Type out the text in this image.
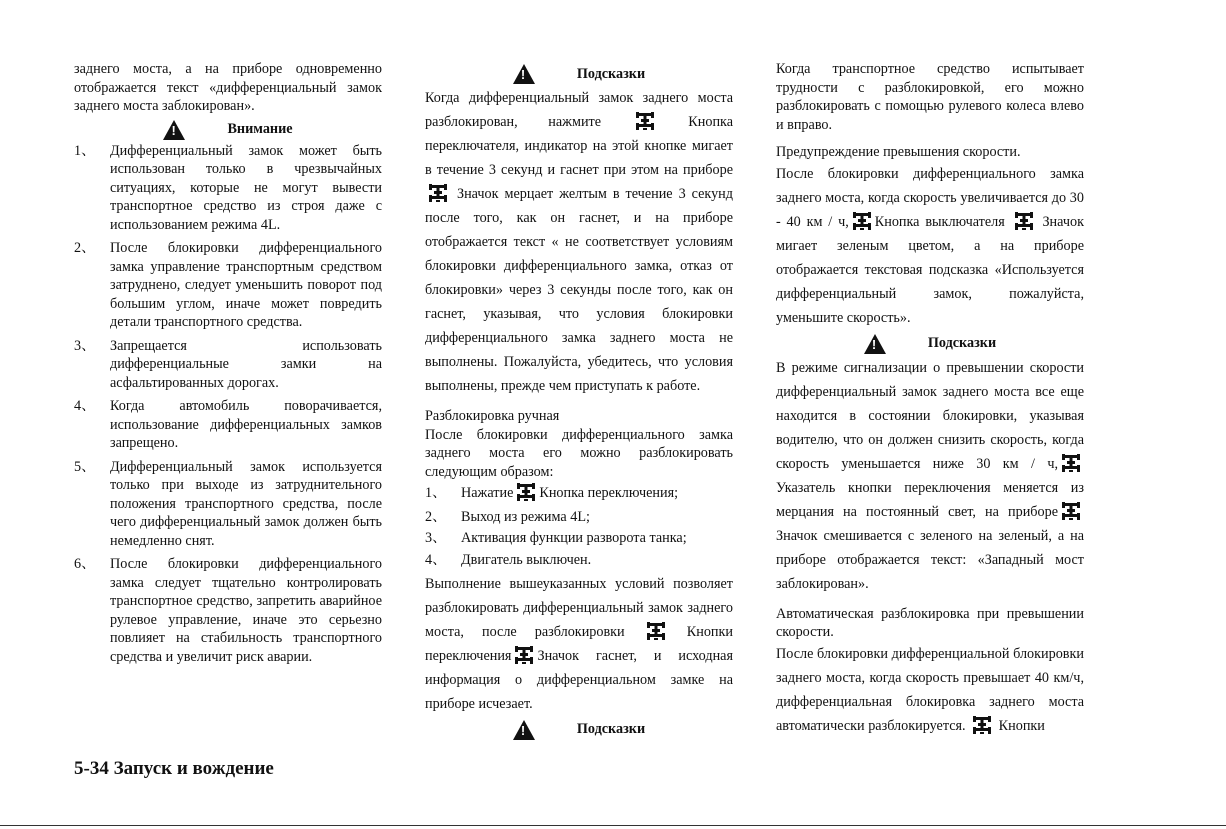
заднего моста, а на приборе одновременно отображается текст «дифференциальный замок заднего моста заблокирован».

!
Внимание
1、	Дифференциальный замок может быть использован только в чрезвычайных ситуациях, которые не могут вывести транспортное средство из строя даже с использованием режима 4L.
2、	После блокировки дифференциального замка управление транспортным средством затруднено, следует уменьшить поворот под большим углом, иначе может повредить детали транспортного средства.
3、	Запрещается использовать дифференциальные замки на асфальтированных дорогах.
4、	Когда автомобиль поворачивается, использование дифференциальных замков запрещено.
5、	Дифференциальный замок используется только при выходе из затруднительного положения транспортного средства, после чего дифференциальный замок должен быть немедленно снят.
6、	После блокировки дифференциального замка следует тщательно контролировать транспортное средство, запретить аварийное рулевое управление, иначе это серьезно повлияет на стабильность транспортного средства и увеличит риск аварии.
!
Подсказки

Когда дифференциальный замок заднего моста разблокирован, нажмите	Кнопка переключателя, индикатор на этой кнопке мигает в течение 3 секунд и гаснет при этом на приборе
Значок мерцает желтым в течение 3 секунд после того, как он гаснет, и на приборе отображается текст « не соответствует условиям блокировки дифференциального замка, отказ от блокировки» через 3 секунды после того, как он гаснет, указывая, что условия блокировки дифференциального замка заднего моста не выполнены. Пожалуйста, убедитесь, что условия выполнены, прежде чем приступать к работе.

Разблокировка ручная

После блокировки дифференциального замка заднего моста его можно разблокировать следующим образом:

1、	Нажатие Кнопка переключения;
2、	Выход из режима 4L;
3、	Активация функции разворота танка;
4、	Двигатель выключен.

Выполнение вышеуказанных условий позволяет разблокировать дифференциальный замок заднего моста, после разблокировки	Кнопки переключения Значок гаснет, и исходная информация о дифференциальном замке на приборе исчезает.

!
Подсказки

Когда транспортное средство испытывает трудности с разблокировкой, его можно разблокировать с помощью рулевого колеса влево и вправо.

Предупреждение превышения скорости.

После блокировки дифференциального замка заднего моста, когда скорость увеличивается до 30 - 40 км / ч, Кнопка выключателя	Значок мигает зеленым цветом, а на приборе отображается текстовая подсказка «Используется дифференциальный замок, пожалуйста, уменьшите скорость».

!
Подсказки

В режиме сигнализации о превышении скорости дифференциальный замок заднего моста все еще находится в состоянии блокировки, указывая водителю, что он должен снизить скорость, когда скорость уменьшается ниже 30 км / ч,
Указатель кнопки переключения меняется из мерцания на постоянный свет, на приборе
Значок смешивается с зеленого на зеленый, а на приборе отображается текст: «Западный мост заблокирован».

Автоматическая разблокировка при превышении скорости.

После блокировки дифференциальной блокировки заднего моста, когда скорость превышает 40 км/ч, дифференциальная блокировка заднего моста автоматически разблокируется. Кнопки

5-34 Запуск и вождение
